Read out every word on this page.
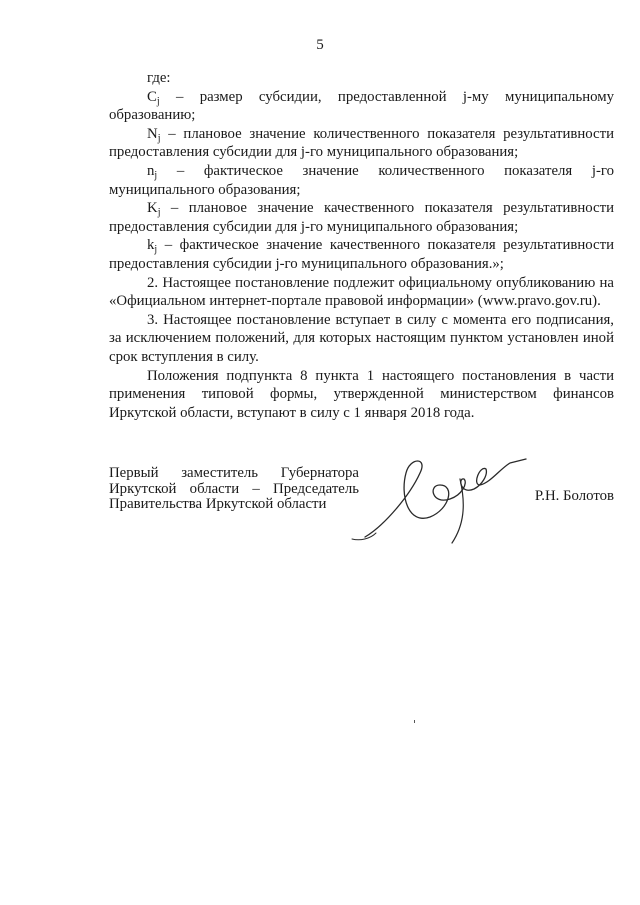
5

где:

$C_j$ – размер субсидии, предоставленной j-му муниципальному образованию;

$N_j$ – плановое значение количественного показателя результативности предоставления субсидии для j-го муниципального образования;

$n_j$ – фактическое значение количественного показателя j-го муниципального образования;

$K_j$ – плановое значение качественного показателя результативности предоставления субсидии для j-го муниципального образования;

$k_j$ – фактическое значение качественного показателя результативности предоставления субсидии j-го муниципального образования.»;

2. Настоящее постановление подлежит официальному опубликованию на «Официальном интернет-портале правовой информации» (www.pravo.gov.ru).

3. Настоящее постановление вступает в силу с момента его подписания, за исключением положений, для которых настоящим пунктом установлен иной срок вступления в силу.

Положения подпункта 8 пункта 1 настоящего постановления в части применения типовой формы, утвержденной министерством финансов Иркутской области, вступают в силу с 1 января 2018 года.

Первый заместитель Губернатора
Иркутской области – Председатель
Правительства Иркутской области	Р.Н. Болотов
